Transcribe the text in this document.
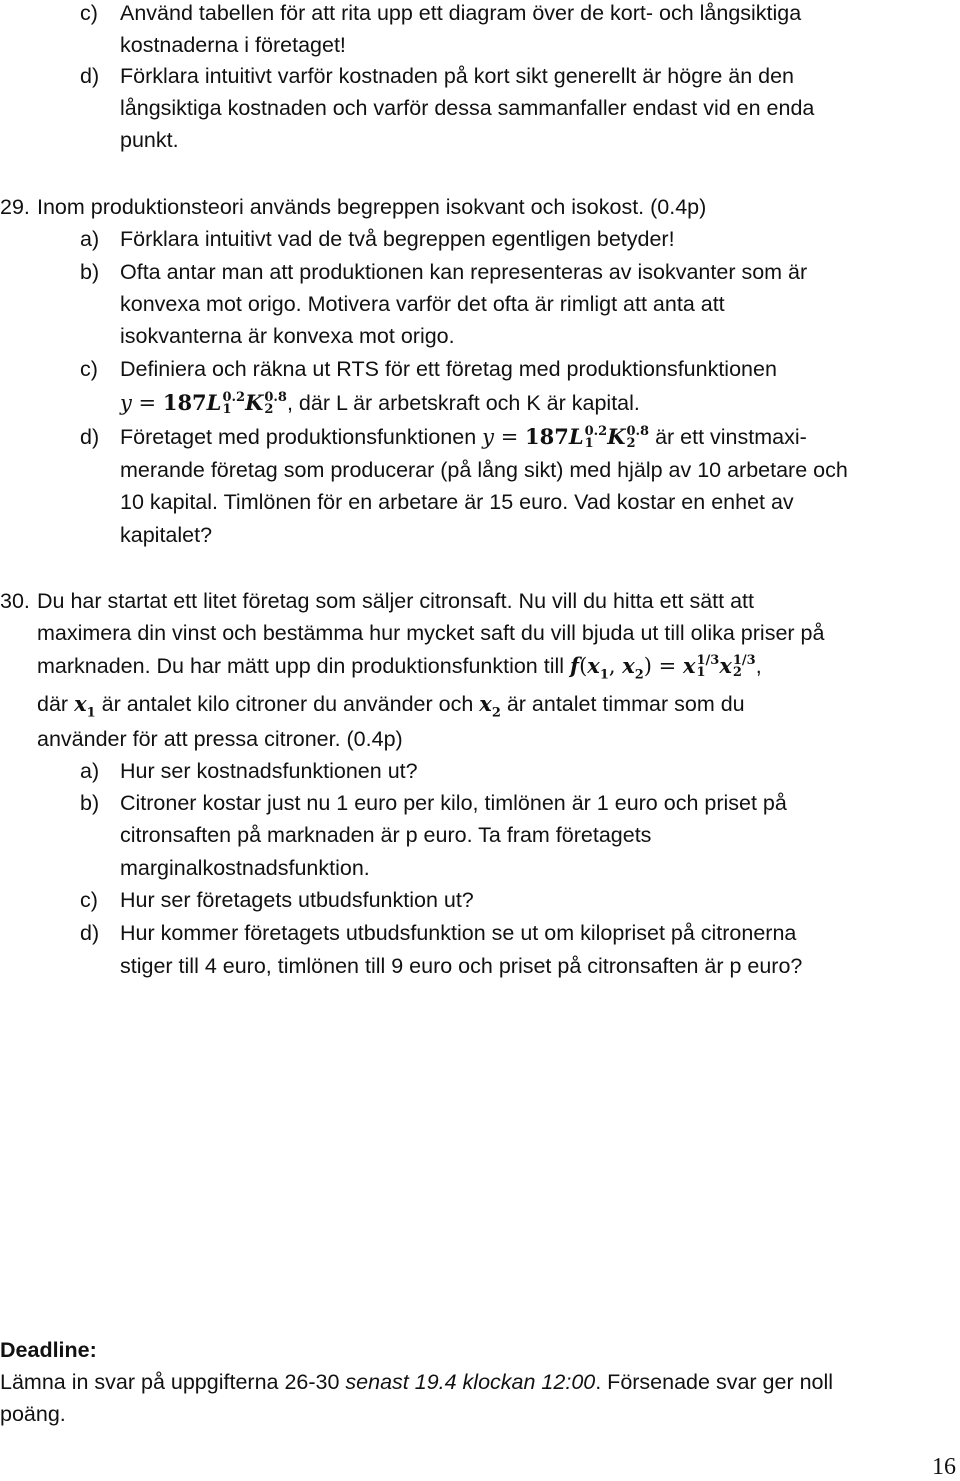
c) Använd tabellen för att rita upp ett diagram över de kort- och långsiktiga
kostnaderna i företaget!
d) Förklara intuitivt varför kostnaden på kort sikt generellt är högre än den
långsiktiga kostnaden och varför dessa sammanfaller endast vid en enda
punkt.
29. Inom produktionsteori används begreppen isokvant och isokost. (0.4p)
a) Förklara intuitivt vad de två begreppen egentligen betyder!
b) Ofta antar man att produktionen kan representeras av isokvanter som är
konvexa mot origo. Motivera varför det ofta är rimligt att anta att
isokvanterna är konvexa mot origo.
c) Definiera och räkna ut RTS för ett företag med produktionsfunktionen
y = 187L 0.2
1 K 0.8
2 , där L är arbetskraft och K är kapital.
d) Företaget med produktionsfunktionen y = 187L 0.2
1 K 0.8
2 är ett vinstmaxi-
merande företag som producerar (på lång sikt) med hjälp av 10 arbetare och
10 kapital. Timlönen för en arbetare är 15 euro. Vad kostar en enhet av
kapitalet?
30. Du har startat ett litet företag som säljer citronsaft. Nu vill du hitta ett sätt att
maximera din vinst och bestämma hur mycket saft du vill bjuda ut till olika priser på
marknaden. Du har mätt upp din produktionsfunktion till $f(x_1$, $x_2) = x$ 1/3
1 x 1/3
2 ,
där $x_1$ är antalet kilo citroner du använder och $x_2$ är antalet timmar som du
använder för att pressa citroner. (0.4p)
a) Hur ser kostnadsfunktionen ut?
b) Citroner kostar just nu 1 euro per kilo, timlönen är 1 euro och priset på
citronsaften på marknaden är p euro. Ta fram företagets
marginalkostnadsfunktion.
c) Hur ser företagets utbudsfunktion ut?
d) Hur kommer företagets utbudsfunktion se ut om kilopriset på citronerna
stiger till 4 euro, timlönen till 9 euro och priset på citronsaften är p euro?
Deadline:
Lämna in svar på uppgifterna 26-30 senast 19.4 klockan 12:00. Försenade svar ger noll
poäng.
16
